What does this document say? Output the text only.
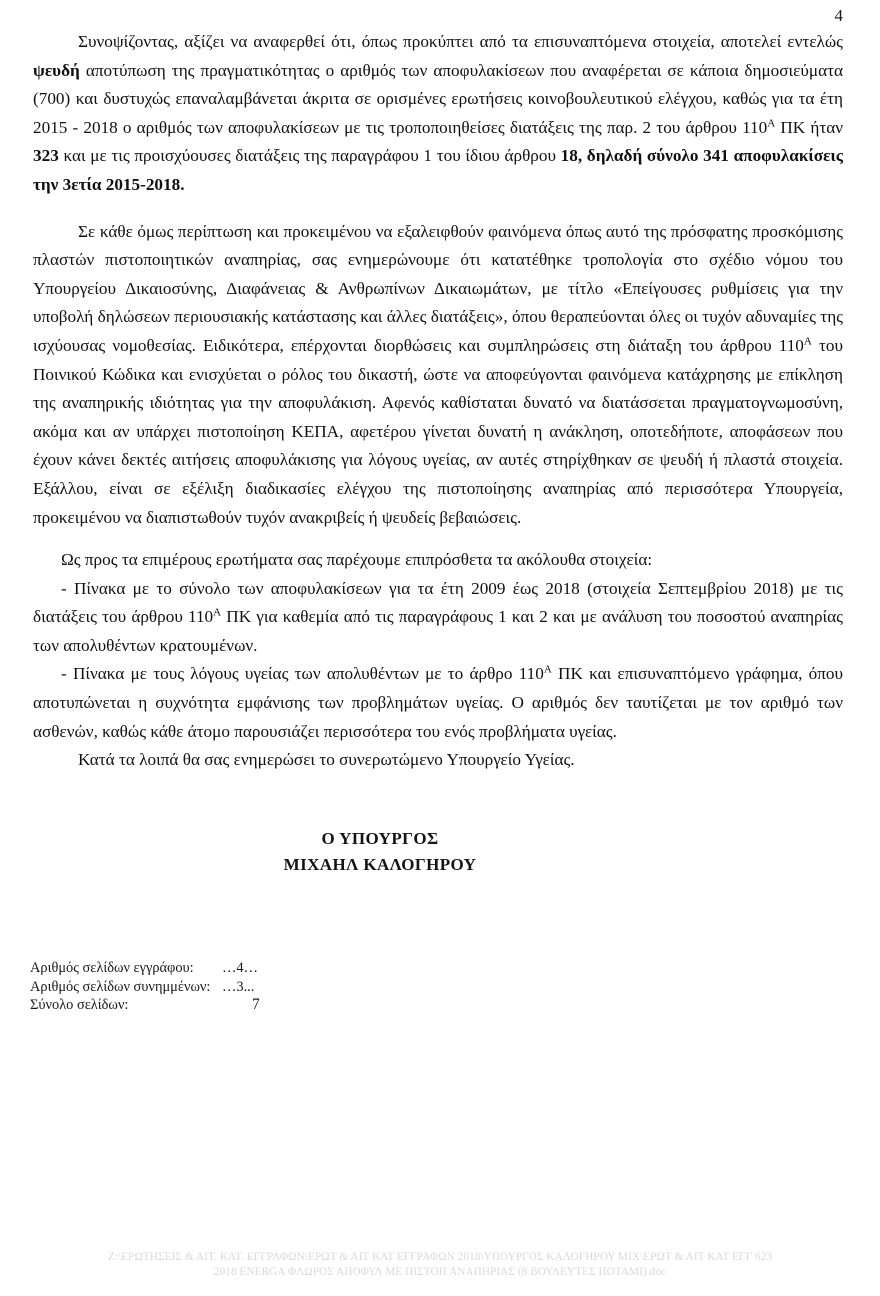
4

Συνοψίζοντας, αξίζει να αναφερθεί ότι, όπως προκύπτει από τα επισυναπτόμενα στοιχεία, αποτελεί εντελώς ψευδή αποτύπωση της πραγματικότητας ο αριθμός των αποφυλακίσεων που αναφέρεται σε κάποια δημοσιεύματα (700) και δυστυχώς επαναλαμβάνεται άκριτα σε ορισμένες ερωτήσεις κοινοβουλευτικού ελέγχου, καθώς για τα έτη 2015 - 2018 ο αριθμός των αποφυλακίσεων με τις τροποποιηθείσες διατάξεις της παρ. 2 του άρθρου $110^A$ ΠΚ ήταν 323 και με τις προισχύουσες διατάξεις της παραγράφου 1 του ίδιου άρθρου 18, δηλαδή σύνολο 341 αποφυλακίσεις την 3ετία 2015-2018.

Σε κάθε όμως περίπτωση και προκειμένου να εξαλειφθούν φαινόμενα όπως αυτό της πρόσφατης προσκόμισης πλαστών πιστοποιητικών αναπηρίας, σας ενημερώνουμε ότι κατατέθηκε τροπολογία στο σχέδιο νόμου του Υπουργείου Δικαιοσύνης, Διαφάνειας & Ανθρωπίνων Δικαιωμάτων, με τίτλο «Επείγουσες ρυθμίσεις για την υποβολή δηλώσεων περιουσιακής κατάστασης και άλλες διατάξεις», όπου θεραπεύονται όλες οι τυχόν αδυναμίες της ισχύουσας νομοθεσίας. Ειδικότερα, επέρχονται διορθώσεις και συμπληρώσεις στη διάταξη του άρθρου $110^A$ του Ποινικού Κώδικα και ενισχύεται ο ρόλος του δικαστή, ώστε να αποφεύγονται φαινόμενα κατάχρησης με επίκληση της αναπηρικής ιδιότητας για την αποφυλάκιση. Αφενός καθίσταται δυνατό να διατάσσεται πραγματογνωμοσύνη, ακόμα και αν υπάρχει πιστοποίηση ΚΕΠΑ, αφετέρου γίνεται δυνατή η ανάκληση, οποτεδήποτε, αποφάσεων που έχουν κάνει δεκτές αιτήσεις αποφυλάκισης για λόγους υγείας, αν αυτές στηρίχθηκαν σε ψευδή ή πλαστά στοιχεία. Εξάλλου, είναι σε εξέλιξη διαδικασίες ελέγχου της πιστοποίησης αναπηρίας από περισσότερα Υπουργεία, προκειμένου να διαπιστωθούν τυχόν ανακριβείς ή ψευδείς βεβαιώσεις.

Ως προς τα επιμέρους ερωτήματα σας παρέχουμε επιπρόσθετα τα ακόλουθα στοιχεία:

- Πίνακα με το σύνολο των αποφυλακίσεων για τα έτη 2009 έως 2018 (στοιχεία Σεπτεμβρίου 2018) με τις διατάξεις του άρθρου $110^A$ ΠΚ για καθεμία από τις παραγράφους 1 και 2 και με ανάλυση του ποσοστού αναπηρίας των απολυθέντων κρατουμένων.

- Πίνακα με τους λόγους υγείας των απολυθέντων με το άρθρο $110^A$ ΠΚ και επισυναπτόμενο γράφημα, όπου αποτυπώνεται η συχνότητα εμφάνισης των προβλημάτων υγείας. Ο αριθμός δεν ταυτίζεται με τον αριθμό των ασθενών, καθώς κάθε άτομο παρουσιάζει περισσότερα του ενός προβλήματα υγείας.

Κατά τα λοιπά θα σας ενημερώσει το συνερωτώμενο Υπουργείο Υγείας.

Ο ΥΠΟΥΡΓΟΣ
ΜΙΧΑΗΛ ΚΑΛΟΓΗΡΟΥ
Αριθμός σελίδων εγγράφου:	…4…
Αριθμός σελίδων συνημμένων: …3...
Σύνολο σελίδων:	7
Z:\ΕΡΩΤΗΣΕΙΣ & ΑΙΤ. ΚΑΤ. ΕΓΓΡΑΦΩΝ\ΕΡΩΤ & ΑΙΤ ΚΑΤ ΕΓΓΡΑΦΩΝ 2018\ΥΠΟΥΡΓΟΣ ΚΑΛΟΓΗΡΟΥ ΜΙΧ\ΕΡΩΤ & ΑΙΤ ΚΑΤ ΕΓΓ 623
2018 ENERGA ΦΛΩΡΟΣ ΑΠΟΦΥΛ ΜΕ ΠΙΣΤΟΠ ΑΝΑΠΗΡΙΑΣ (8 ΒΟΥΛΕΥΤΕΣ ΠΟΤΑΜΙ).doc
